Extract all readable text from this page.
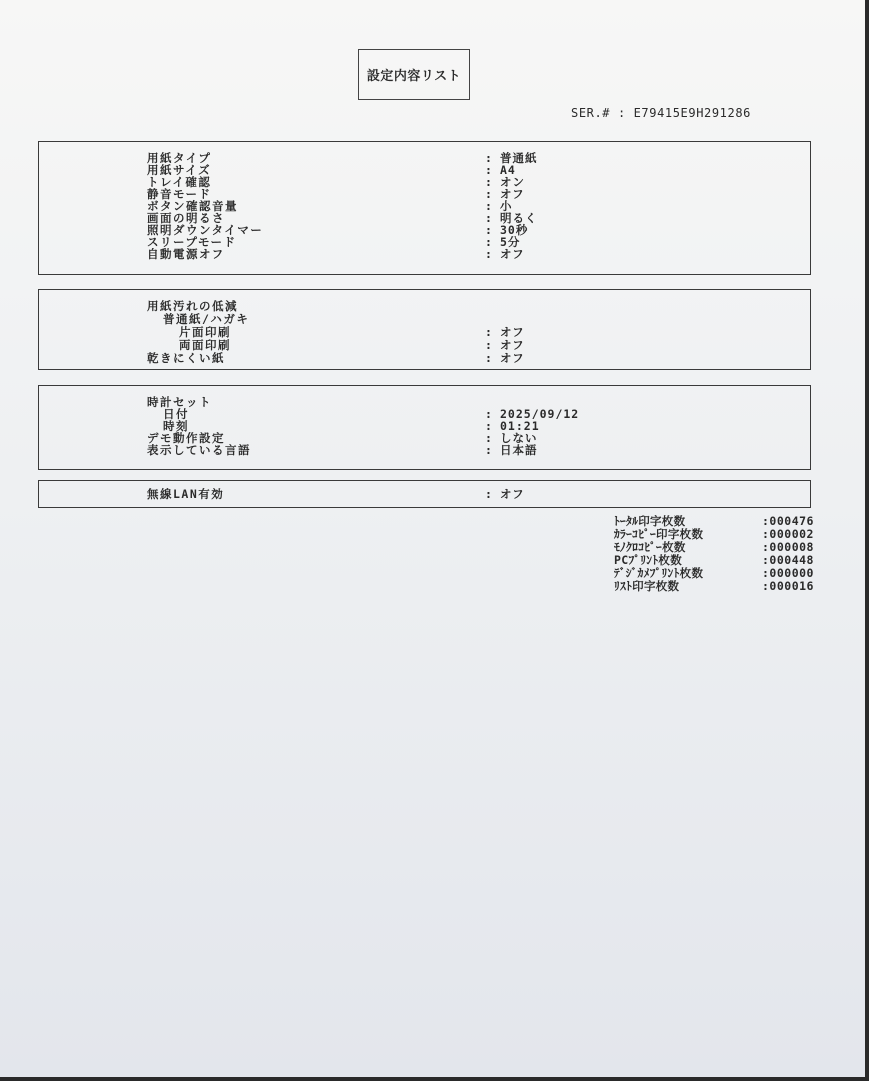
設定内容リスト
SER.# : E79415E9H291286
用紙タイプ	: 普通紙
用紙サイズ	: A4
トレイ確認	: オン
静音モード	: オフ
ボタン確認音量	: 小
画面の明るさ	: 明るく
照明ダウンタイマー	: 30秒
スリープモード	: 5分
自動電源オフ	: オフ
用紙汚れの低減
普通紙/ハガキ
片面印刷	: オフ
両面印刷	: オフ
乾きにくい紙	: オフ
時計セット
日付	: 2025/09/12
時刻	: 01:21
デモ動作設定	: しない
表示している言語	: 日本語
無線LAN有効	: オフ
ﾄｰﾀﾙ印字枚数	:000476
ｶﾗｰｺﾋﾟｰ印字枚数	:000002
ﾓﾉｸﾛｺﾋﾟｰ枚数	:000008
PCﾌﾟﾘﾝﾄ枚数	:000448
ﾃﾞｼﾞｶﾒﾌﾟﾘﾝﾄ枚数	:000000
ﾘｽﾄ印字枚数	:000016
